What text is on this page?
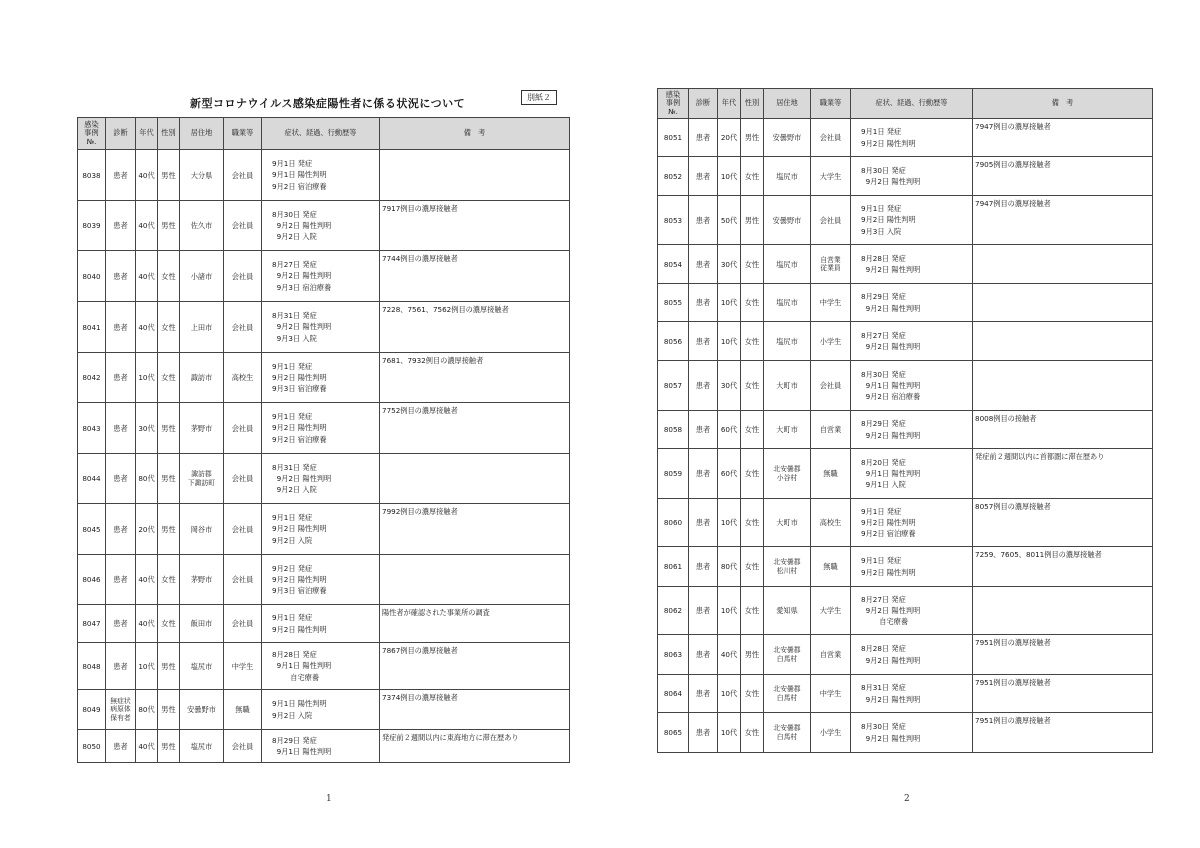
新型コロナウイルス感染症陽性者に係る状況について	別紙２
感染
事例
№.	診断	年代	性別	居住地	職業等	症状、経過、行動歴等	備　考
8038	患者	40代	男性	大分県	会社員	9月1日 発症
9月1日 陽性判明
9月2日 宿泊療養	
8039	患者	40代	男性	佐久市	会社員	8月30日 発症
9月2日 陽性判明
9月2日 入院	7917例目の濃厚接触者
8040	患者	40代	女性	小諸市	会社員	8月27日 発症
9月2日 陽性判明
9月3日 宿泊療養	7744例目の濃厚接触者
8041	患者	40代	女性	上田市	会社員	8月31日 発症
9月2日 陽性判明
9月3日 入院	7228、7561、7562例目の濃厚接触者
8042	患者	10代	女性	諏訪市	高校生	9月1日 発症
9月2日 陽性判明
9月3日 宿泊療養	7681、7932例目の濃厚接触者
8043	患者	30代	男性	茅野市	会社員	9月1日 発症
9月2日 陽性判明
9月2日 宿泊療養	7752例目の濃厚接触者
8044	患者	80代	男性	諏訪郡
下諏訪町	会社員	8月31日 発症
9月2日 陽性判明
9月2日 入院	
8045	患者	20代	男性	岡谷市	会社員	9月1日 発症
9月2日 陽性判明
9月2日 入院	7992例目の濃厚接触者
8046	患者	40代	女性	茅野市	会社員	9月2日 発症
9月2日 陽性判明
9月3日 宿泊療養	
8047	患者	40代	女性	飯田市	会社員	9月1日 発症
9月2日 陽性判明	陽性者が確認された事業所の調査
8048	患者	10代	男性	塩尻市	中学生	8月28日 発症
9月1日 陽性判明
自宅療養	7867例目の濃厚接触者
8049	無症状
病原体
保有者	80代	男性	安曇野市	無職	9月1日 陽性判明
9月2日 入院	7374例目の濃厚接触者
8050	患者	40代	男性	塩尻市	会社員	8月29日 発症
9月1日 陽性判明	発症前２週間以内に東海地方に滞在歴あり
1
感染
事例
№.	診断	年代	性別	居住地	職業等	症状、経過、行動歴等	備　考
8051	患者	20代	男性	安曇野市	会社員	9月1日 発症
9月2日 陽性判明	7947例目の濃厚接触者
8052	患者	10代	女性	塩尻市	大学生	8月30日 発症
9月2日 陽性判明	7905例目の濃厚接触者
8053	患者	50代	男性	安曇野市	会社員	9月1日 発症
9月2日 陽性判明
9月3日 入院	7947例目の濃厚接触者
8054	患者	30代	女性	塩尻市	自営業
従業員	8月28日 発症
9月2日 陽性判明	
8055	患者	10代	女性	塩尻市	中学生	8月29日 発症
9月2日 陽性判明	
8056	患者	10代	女性	塩尻市	小学生	8月27日 発症
9月2日 陽性判明	
8057	患者	30代	女性	大町市	会社員	8月30日 発症
9月1日 陽性判明
9月2日 宿泊療養	
8058	患者	60代	女性	大町市	自営業	8月29日 発症
9月2日 陽性判明	8008例目の接触者
8059	患者	60代	女性	北安曇郡
小谷村	無職	8月20日 発症
9月1日 陽性判明
9月1日 入院	発症前２週間以内に首都圏に滞在歴あり
8060	患者	10代	女性	大町市	高校生	9月1日 発症
9月2日 陽性判明
9月2日 宿泊療養	8057例目の濃厚接触者
8061	患者	80代	女性	北安曇郡
松川村	無職	9月1日 発症
9月2日 陽性判明	7259、7605、8011例目の濃厚接触者
8062	患者	10代	女性	愛知県	大学生	8月27日 発症
9月2日 陽性判明
自宅療養	
8063	患者	40代	男性	北安曇郡
白馬村	自営業	8月28日 発症
9月2日 陽性判明	7951例目の濃厚接触者
8064	患者	10代	女性	北安曇郡
白馬村	中学生	8月31日 発症
9月2日 陽性判明	7951例目の濃厚接触者
8065	患者	10代	女性	北安曇郡
白馬村	小学生	8月30日 発症
9月2日 陽性判明	7951例目の濃厚接触者
2
